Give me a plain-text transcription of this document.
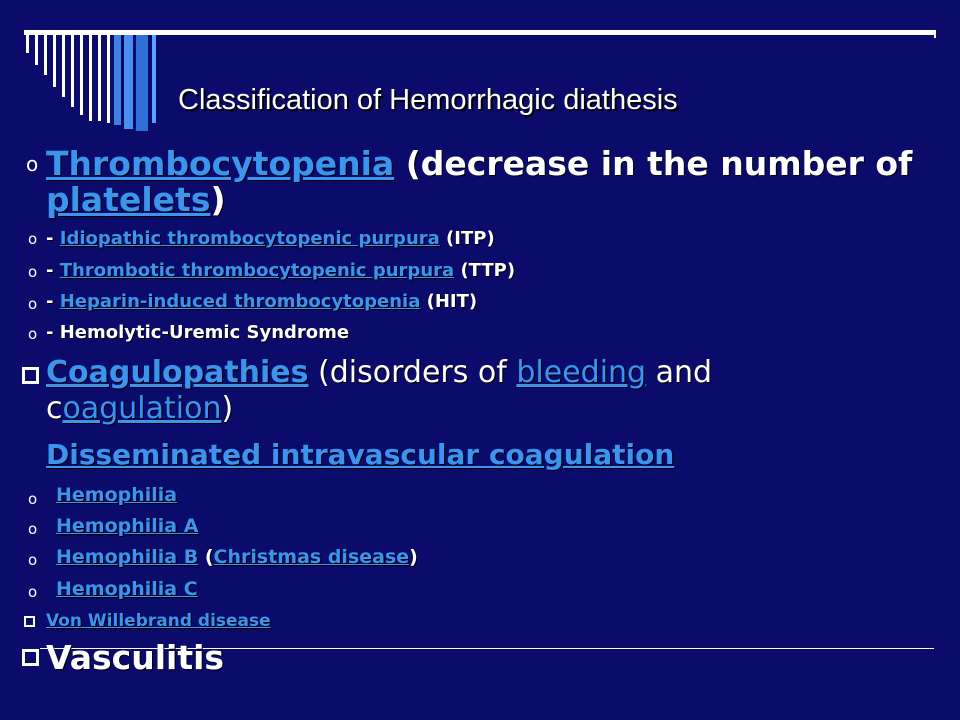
Classification of Hemorrhagic diathesis
o Thrombocytopenia (decrease in the number of
platelets)
o - Idiopathic thrombocytopenic purpura (ITP)
o - Thrombotic thrombocytopenic purpura (TTP)
o - Heparin-induced thrombocytopenia (HIT)
o - Hemolytic-Uremic Syndrome
Coagulopathies (disorders of bleeding and
coagulation)
Disseminated intravascular coagulation
o Hemophilia
o Hemophilia A
o Hemophilia B (Christmas disease)
o Hemophilia C
Von Willebrand disease
Vasculitis
